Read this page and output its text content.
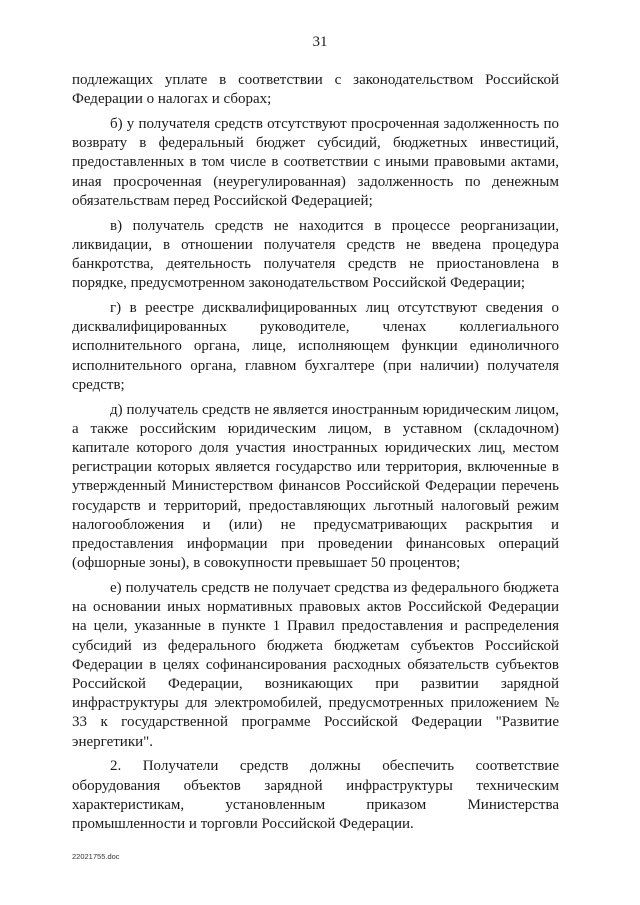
31

подлежащих уплате в соответствии с законодательством Российской Федерации о налогах и сборах;

б) у получателя средств отсутствуют просроченная задолженность по возврату в федеральный бюджет субсидий, бюджетных инвестиций, предоставленных в том числе в соответствии с иными правовыми актами, иная просроченная (неурегулированная) задолженность по денежным обязательствам перед Российской Федерацией;

в) получатель средств не находится в процессе реорганизации, ликвидации, в отношении получателя средств не введена процедура банкротства, деятельность получателя средств не приостановлена в порядке, предусмотренном законодательством Российской Федерации;

г) в реестре дисквалифицированных лиц отсутствуют сведения о дисквалифицированных руководителе, членах коллегиального исполнительного органа, лице, исполняющем функции единоличного исполнительного органа, главном бухгалтере (при наличии) получателя средств;

д) получатель средств не является иностранным юридическим лицом, а также российским юридическим лицом, в уставном (складочном) капитале которого доля участия иностранных юридических лиц, местом регистрации которых является государство или территория, включенные в утвержденный Министерством финансов Российской Федерации перечень государств и территорий, предоставляющих льготный налоговый режим налогообложения и (или) не предусматривающих раскрытия и предоставления информации при проведении финансовых операций (офшорные зоны), в совокупности превышает 50 процентов;

е) получатель средств не получает средства из федерального бюджета на основании иных нормативных правовых актов Российской Федерации на цели, указанные в пункте 1 Правил предоставления и распределения субсидий из федерального бюджета бюджетам субъектов Российской Федерации в целях софинансирования расходных обязательств субъектов Российской Федерации, возникающих при развитии зарядной инфраструктуры для электромобилей, предусмотренных приложением № 33 к государственной программе Российской Федерации "Развитие энергетики".

2. Получатели средств должны обеспечить соответствие оборудования объектов зарядной инфраструктуры техническим характеристикам, установленным приказом Министерства промышленности и торговли Российской Федерации.

22021755.doc
